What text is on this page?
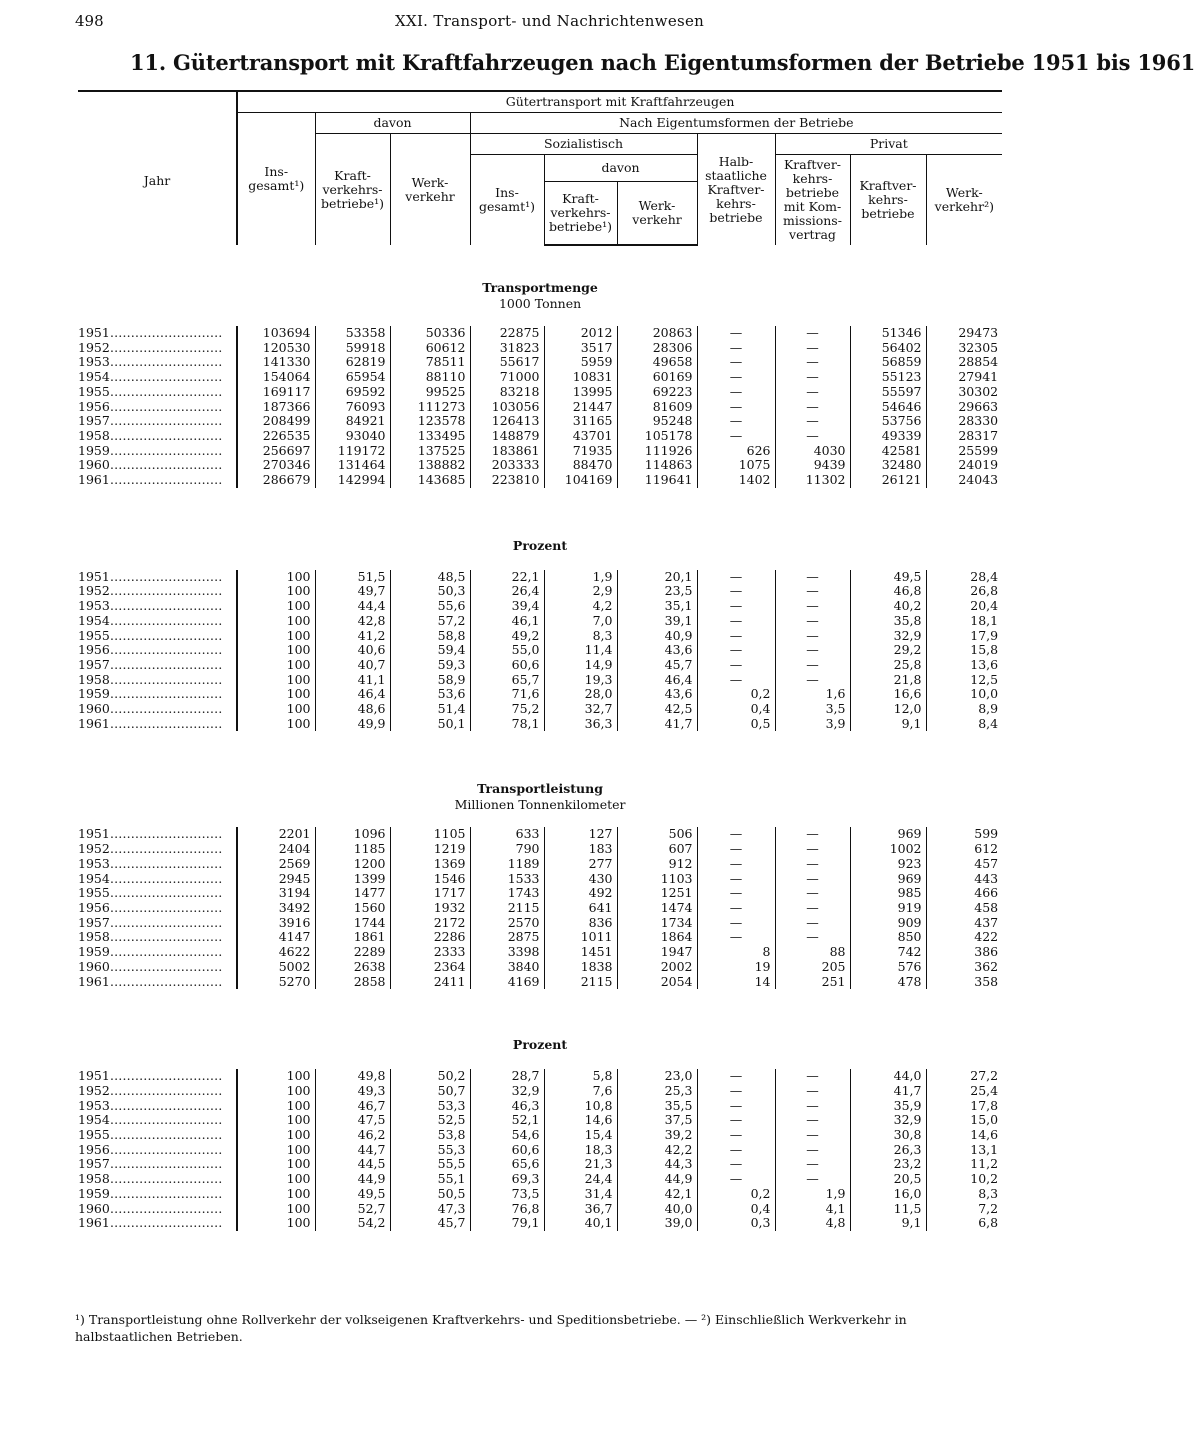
498	XXI. Transport- und Nachrichtenwesen
11. Gütertransport mit Kraftfahrzeugen nach Eigentumsformen der Betriebe 1951 bis 1961
Jahr	Gütertransport mit Kraftfahrzeugen									
	Ins-gesamt¹)	davon		Nach Eigentumsformen der Betriebe						
		Kraft-verkehrs-betriebe¹)	Werk-verkehr	Sozialistisch			Halb-staatliche Kraftver-kehrs-betriebe	Privat		
				Ins-gesamt¹)	davon			Kraftver-kehrs-betriebe mit Kom-missions-vertrag	Kraftver-kehrs-betriebe	Werk-verkehr²)
					Kraft-verkehrs-betriebe¹)	Werk-verkehr				

Transportmenge
1000 Tonnen										

1951 ………………………	103694	53358	50336	22875	2012	20863	—	—	51346	29473
1952 ………………………	120530	59918	60612	31823	3517	28306	—	—	56402	32305
1953 ………………………	141330	62819	78511	55617	5959	49658	—	—	56859	28854
1954 ………………………	154064	65954	88110	71000	10831	60169	—	—	55123	27941
1955 ………………………	169117	69592	99525	83218	13995	69223	—	—	55597	30302
1956 ………………………	187366	76093	111273	103056	21447	81609	—	—	54646	29663
1957 ………………………	208499	84921	123578	126413	31165	95248	—	—	53756	28330
1958 ………………………	226535	93040	133495	148879	43701	105178	—	—	49339	28317
1959 ………………………	256697	119172	137525	183861	71935	111926	626	4030	42581	25599
1960 ………………………	270346	131464	138882	203333	88470	114863	1075	9439	32480	24019
1961 ………………………	286679	142994	143685	223810	104169	119641	1402	11302	26121	24043

Prozent										

1951 ………………………	100	51,5	48,5	22,1	1,9	20,1	—	—	49,5	28,4
1952 ………………………	100	49,7	50,3	26,4	2,9	23,5	—	—	46,8	26,8
1953 ………………………	100	44,4	55,6	39,4	4,2	35,1	—	—	40,2	20,4
1954 ………………………	100	42,8	57,2	46,1	7,0	39,1	—	—	35,8	18,1
1955 ………………………	100	41,2	58,8	49,2	8,3	40,9	—	—	32,9	17,9
1956 ………………………	100	40,6	59,4	55,0	11,4	43,6	—	—	29,2	15,8
1957 ………………………	100	40,7	59,3	60,6	14,9	45,7	—	—	25,8	13,6
1958 ………………………	100	41,1	58,9	65,7	19,3	46,4	—	—	21,8	12,5
1959 ………………………	100	46,4	53,6	71,6	28,0	43,6	0,2	1,6	16,6	10,0
1960 ………………………	100	48,6	51,4	75,2	32,7	42,5	0,4	3,5	12,0	8,9
1961 ………………………	100	49,9	50,1	78,1	36,3	41,7	0,5	3,9	9,1	8,4

Transportleistung
Millionen Tonnenkilometer										

1951 ………………………	2201	1096	1105	633	127	506	—	—	969	599
1952 ………………………	2404	1185	1219	790	183	607	—	—	1002	612
1953 ………………………	2569	1200	1369	1189	277	912	—	—	923	457
1954 ………………………	2945	1399	1546	1533	430	1103	—	—	969	443
1955 ………………………	3194	1477	1717	1743	492	1251	—	—	985	466
1956 ………………………	3492	1560	1932	2115	641	1474	—	—	919	458
1957 ………………………	3916	1744	2172	2570	836	1734	—	—	909	437
1958 ………………………	4147	1861	2286	2875	1011	1864	—	—	850	422
1959 ………………………	4622	2289	2333	3398	1451	1947	8	88	742	386
1960 ………………………	5002	2638	2364	3840	1838	2002	19	205	576	362
1961 ………………………	5270	2858	2411	4169	2115	2054	14	251	478	358

Prozent										

1951 ………………………	100	49,8	50,2	28,7	5,8	23,0	—	—	44,0	27,2
1952 ………………………	100	49,3	50,7	32,9	7,6	25,3	—	—	41,7	25,4
1953 ………………………	100	46,7	53,3	46,3	10,8	35,5	—	—	35,9	17,8
1954 ………………………	100	47,5	52,5	52,1	14,6	37,5	—	—	32,9	15,0
1955 ………………………	100	46,2	53,8	54,6	15,4	39,2	—	—	30,8	14,6
1956 ………………………	100	44,7	55,3	60,6	18,3	42,2	—	—	26,3	13,1
1957 ………………………	100	44,5	55,5	65,6	21,3	44,3	—	—	23,2	11,2
1958 ………………………	100	44,9	55,1	69,3	24,4	44,9	—	—	20,5	10,2
1959 ………………………	100	49,5	50,5	73,5	31,4	42,1	0,2	1,9	16,0	8,3
1960 ………………………	100	52,7	47,3	76,8	36,7	40,0	0,4	4,1	11,5	7,2
1961 ………………………	100	54,2	45,7	79,1	40,1	39,0	0,3	4,8	9,1	6,8
¹) Transportleistung ohne Rollverkehr der volkseigenen Kraftverkehrs- und Speditionsbetriebe. — ²) Einschließlich Werkverkehr in halbstaatlichen Betrieben.
